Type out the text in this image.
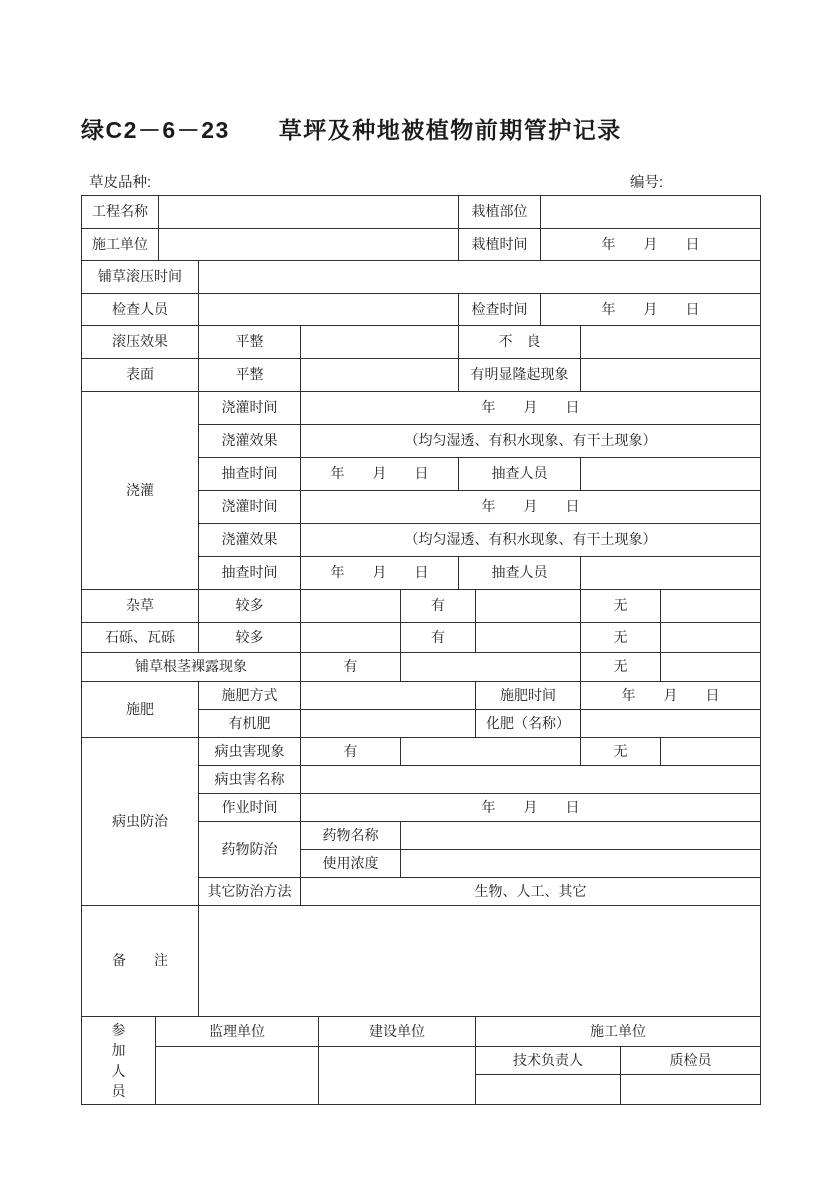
绿C2－6－23　　草坪及种地被植物前期管护记录
草皮品种:	编号:
工程名称					栽植部位				
施工单位					栽植时间		年　　月　　日		
铺草滚压时间									
检查人员					检查时间		年　　月　　日		
滚压效果		平整			不　良				
表面		平整			有明显隆起现象				
浇灌		浇灌时间	年　　月　　日						
		浇灌效果	（均匀湿透、有积水现象、有干土现象）						
		抽查时间	年　　月　　日		抽查人员				
		浇灌时间	年　　月　　日						
		浇灌效果	（均匀湿透、有积水现象、有干土现象）						
		抽查时间	年　　月　　日		抽查人员				
杂草		较多		有				无	
石砾、瓦砾		较多		有				无	
铺草根茎裸露现象			有					无	
施肥		施肥方式				施肥时间		年　　月　　日	
		有机肥				化肥（名称）			
病虫防治		病虫害现象	有					无	
		病虫害名称							
		作业时间	年　　月　　日						
		药物防治	药物名称						
			使用浓度						
		其它防治方法	生物、人工、其它						
备　　注									
参加人员	监理单位	建设单位	施工单位	
			技术负责人	质检员
